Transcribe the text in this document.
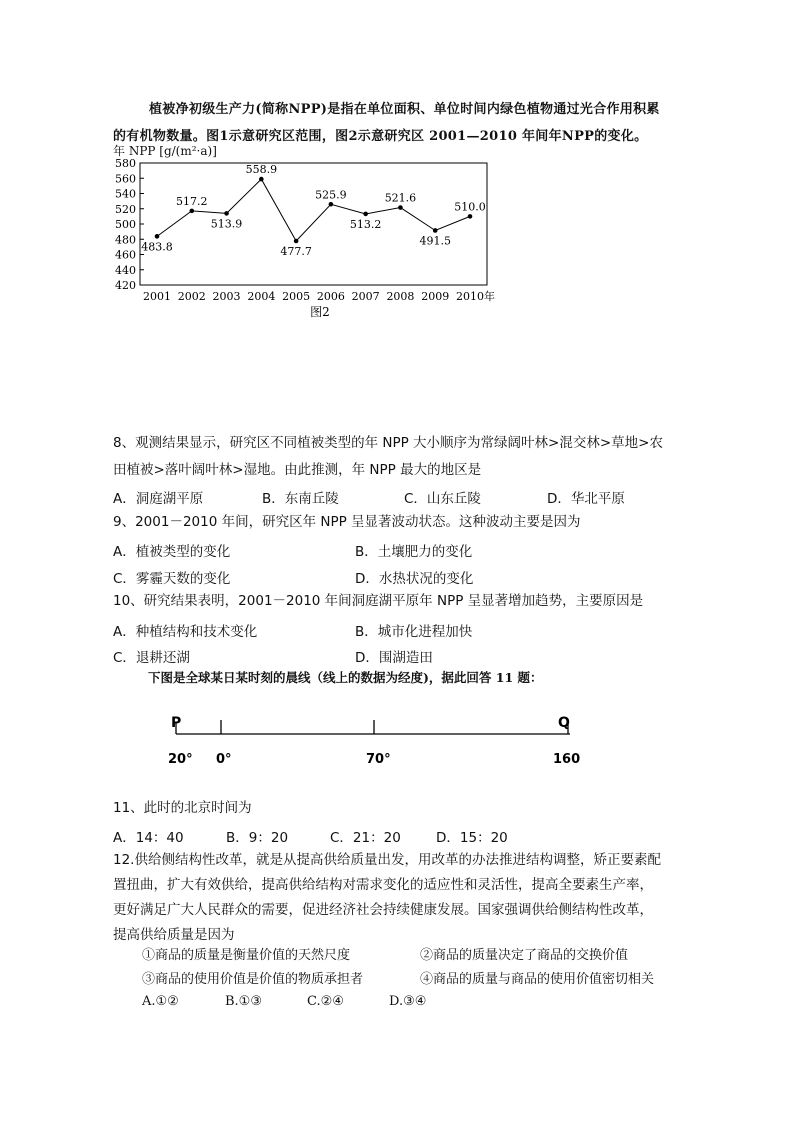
植被净初级生产力(简称NPP)是指在单位面积、单位时间内绿色植物通过光合作用积累
的有机物数量。图1示意研究区范围，图2示意研究区 2001—2010 年间年NPP的变化。
年 NPP [g/(m²·a)]
420
440
460
480
500
520
540
560
580
2001 2002 2003 2004 2005 2006 2007 2008 2009 2010年
483.8
517.2
513.9
558.9
477.7
525.9
513.2
521.6
491.5
510.0
图2
8、观测结果显示，研究区不同植被类型的年 NPP 大小顺序为常绿阔叶林>混交林>草地>农
田植被>落叶阔叶林>湿地。由此推测，年 NPP 最大的地区是
A．洞庭湖平原	B．东南丘陵	C．山东丘陵	D．华北平原
9、2001－2010 年间，研究区年 NPP 呈显著波动状态。这种波动主要是因为
A．植被类型的变化	B．土壤肥力的变化
C．雾霾天数的变化	D．水热状况的变化
10、研究结果表明，2001－2010 年间洞庭湖平原年 NPP 呈显著增加趋势，主要原因是
A．种植结构和技术变化	B．城市化进程加快
C．退耕还湖	D．围湖造田
下图是全球某日某时刻的晨线（线上的数据为经度)，据此回答 11 题：
P	Q
20° 0°	70°	160
11、此时的北京时间为
A．14：40	B．9：20	C．21：20	D．15：20
12.供给侧结构性改革，就是从提高供给质量出发，用改革的办法推进结构调整，矫正要素配
置扭曲，扩大有效供给，提高供给结构对需求变化的适应性和灵活性，提高全要素生产率，
更好满足广大人民群众的需要，促进经济社会持续健康发展。国家强调供给侧结构性改革，
提高供给质量是因为
①商品的质量是衡量价值的天然尺度	②商品的质量决定了商品的交换价值
③商品的使用价值是价值的物质承担者	④商品的质量与商品的使用价值密切相关
A.①②	B.①③	C.②④	D.③④
